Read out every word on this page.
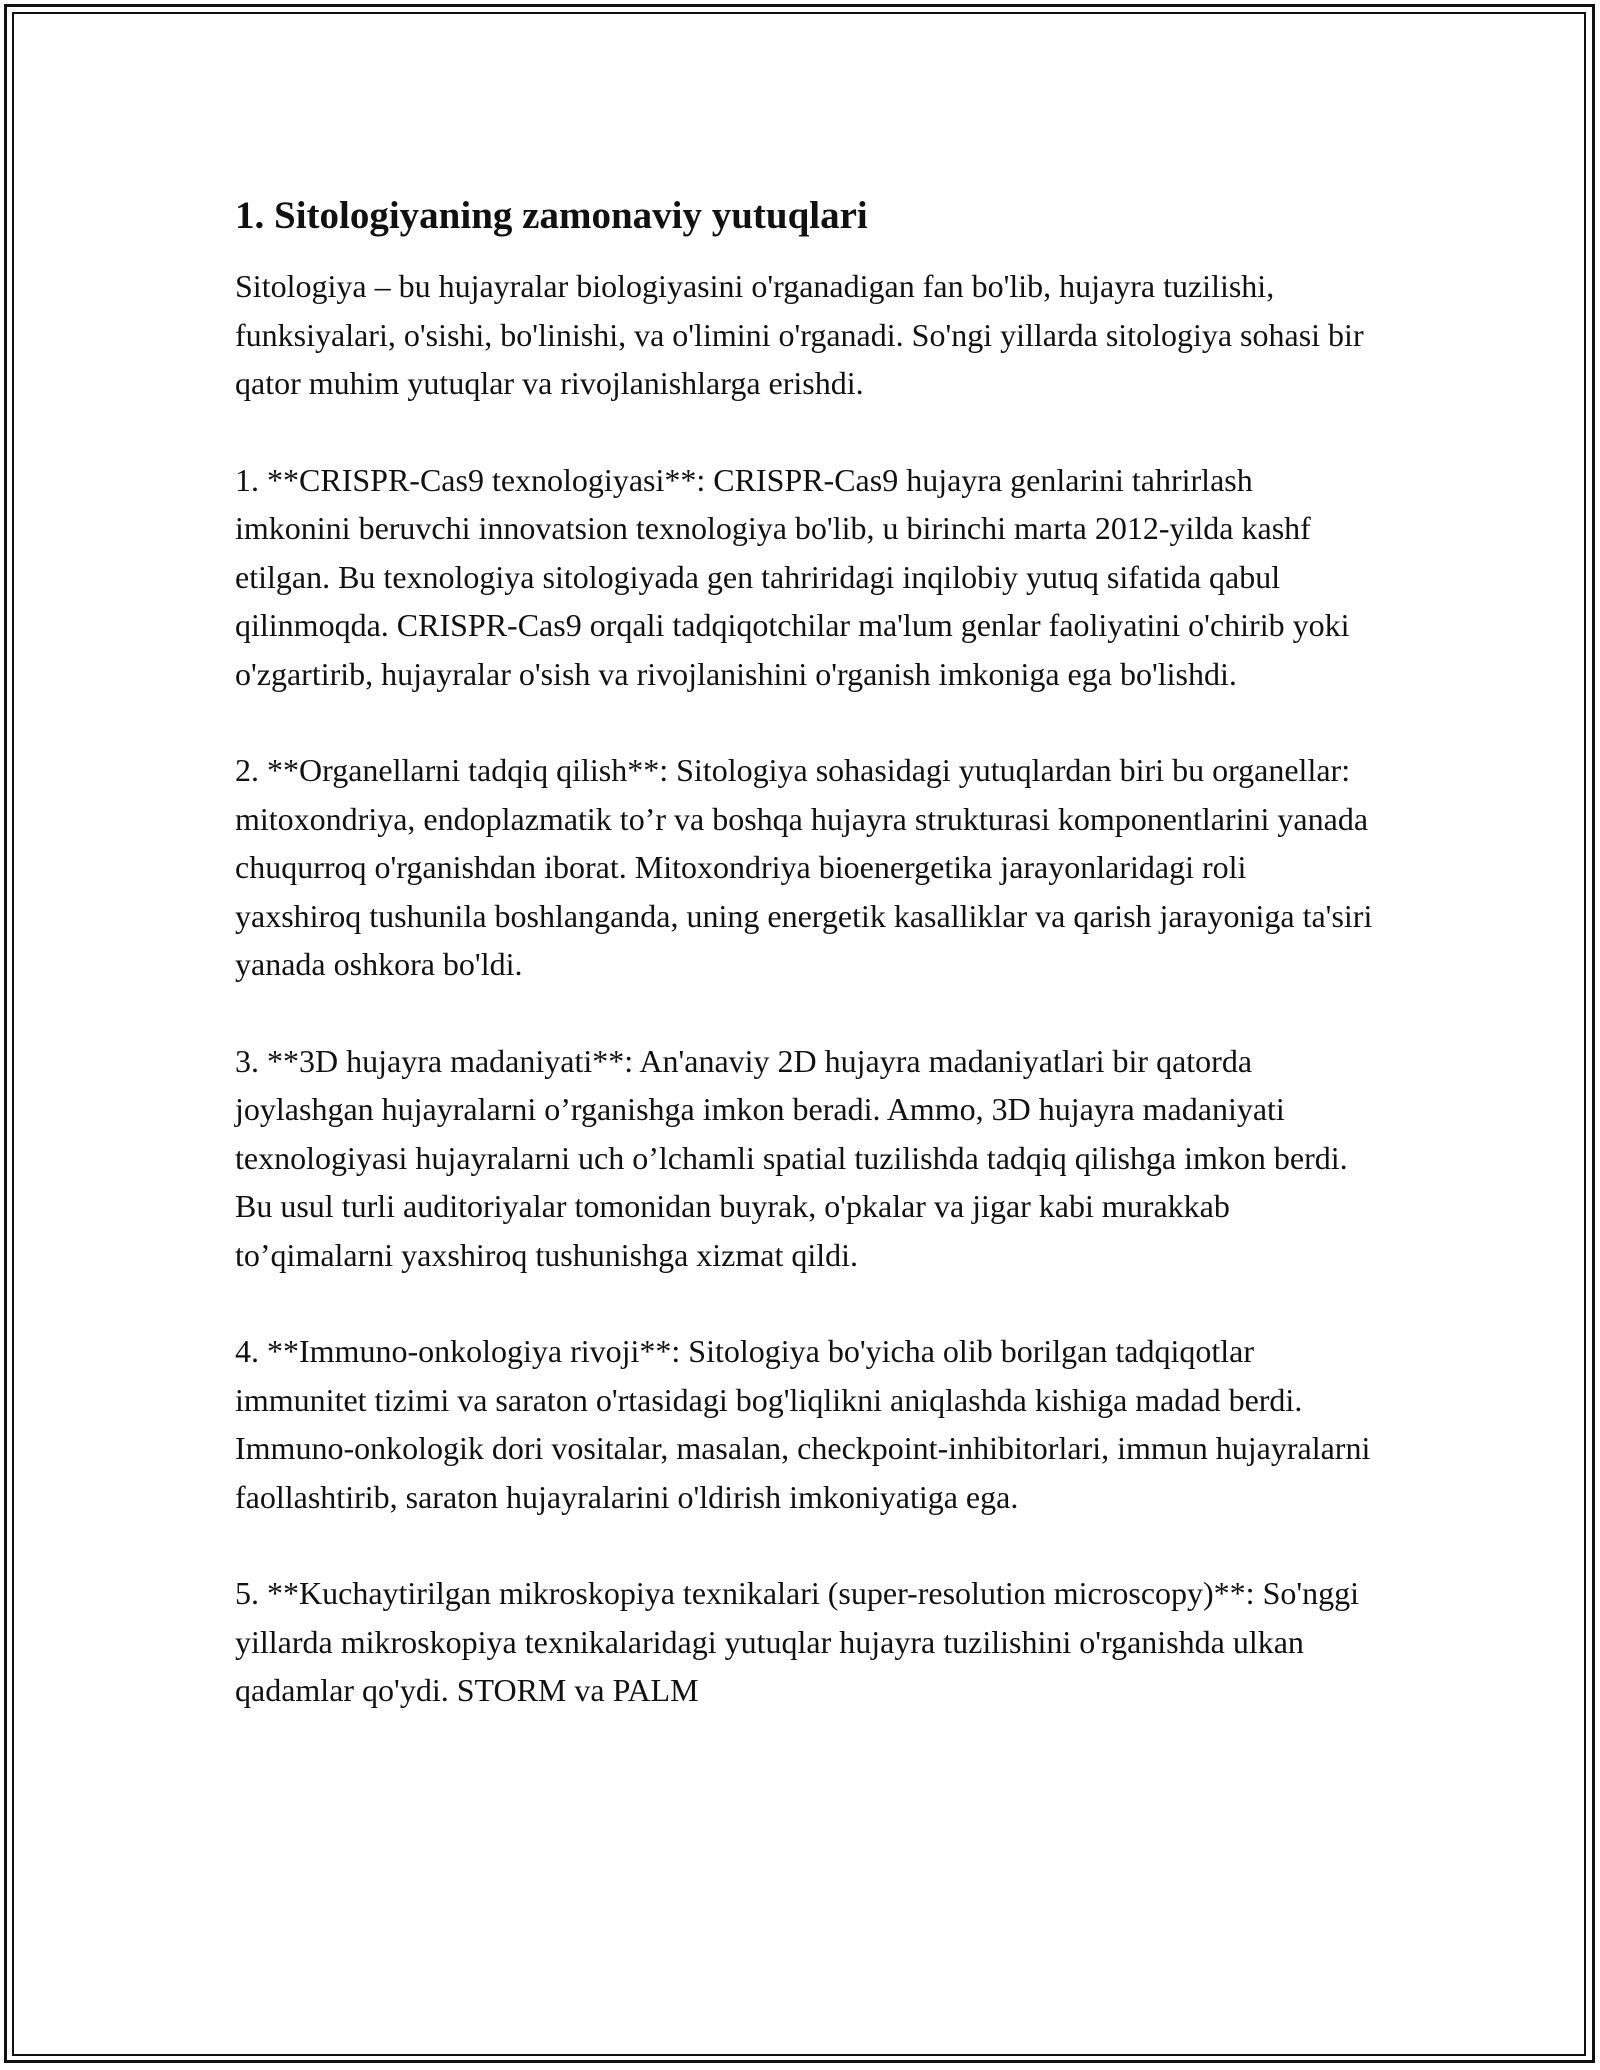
1. Sitologiyaning zamonaviy yutuqlari

Sitologiya – bu hujayralar biologiyasini o'rganadigan fan bo'lib, hujayra tuzilishi, funksiyalari, o'sishi, bo'linishi, va o'limini o'rganadi. So'ngi yillarda sitologiya sohasi bir qator muhim yutuqlar va rivojlanishlarga erishdi.

1. **CRISPR-Cas9 texnologiyasi**: CRISPR-Cas9 hujayra genlarini tahrirlash imkonini beruvchi innovatsion texnologiya bo'lib, u birinchi marta 2012-yilda kashf etilgan. Bu texnologiya sitologiyada gen tahriridagi inqilobiy yutuq sifatida qabul qilinmoqda. CRISPR-Cas9 orqali tadqiqotchilar ma'lum genlar faoliyatini o'chirib yoki o'zgartirib, hujayralar o'sish va rivojlanishini o'rganish imkoniga ega bo'lishdi.

2. **Organellarni tadqiq qilish**: Sitologiya sohasidagi yutuqlardan biri bu organellar: mitoxondriya, endoplazmatik to’r va boshqa hujayra strukturasi komponentlarini yanada chuqurroq o'rganishdan iborat. Mitoxondriya bioenergetika jarayonlaridagi roli yaxshiroq tushunila boshlanganda, uning energetik kasalliklar va qarish jarayoniga ta'siri yanada oshkora bo'ldi.

3. **3D hujayra madaniyati**: An'anaviy 2D hujayra madaniyatlari bir qatorda joylashgan hujayralarni o’rganishga imkon beradi. Ammo, 3D hujayra madaniyati texnologiyasi hujayralarni uch o’lchamli spatial tuzilishda tadqiq qilishga imkon berdi. Bu usul turli auditoriyalar tomonidan buyrak, o'pkalar va jigar kabi murakkab to’qimalarni yaxshiroq tushunishga xizmat qildi.

4. **Immuno-onkologiya rivoji**: Sitologiya bo'yicha olib borilgan tadqiqotlar immunitet tizimi va saraton o'rtasidagi bog'liqlikni aniqlashda kishiga madad berdi. Immuno-onkologik dori vositalar, masalan, checkpoint-inhibitorlari, immun hujayralarni faollashtirib, saraton hujayralarini o'ldirish imkoniyatiga ega.

5. **Kuchaytirilgan mikroskopiya texnikalari (super-resolution microscopy)**: So'nggi yillarda mikroskopiya texnikalaridagi yutuqlar hujayra tuzilishini o'rganishda ulkan qadamlar qo'ydi. STORM va PALM
